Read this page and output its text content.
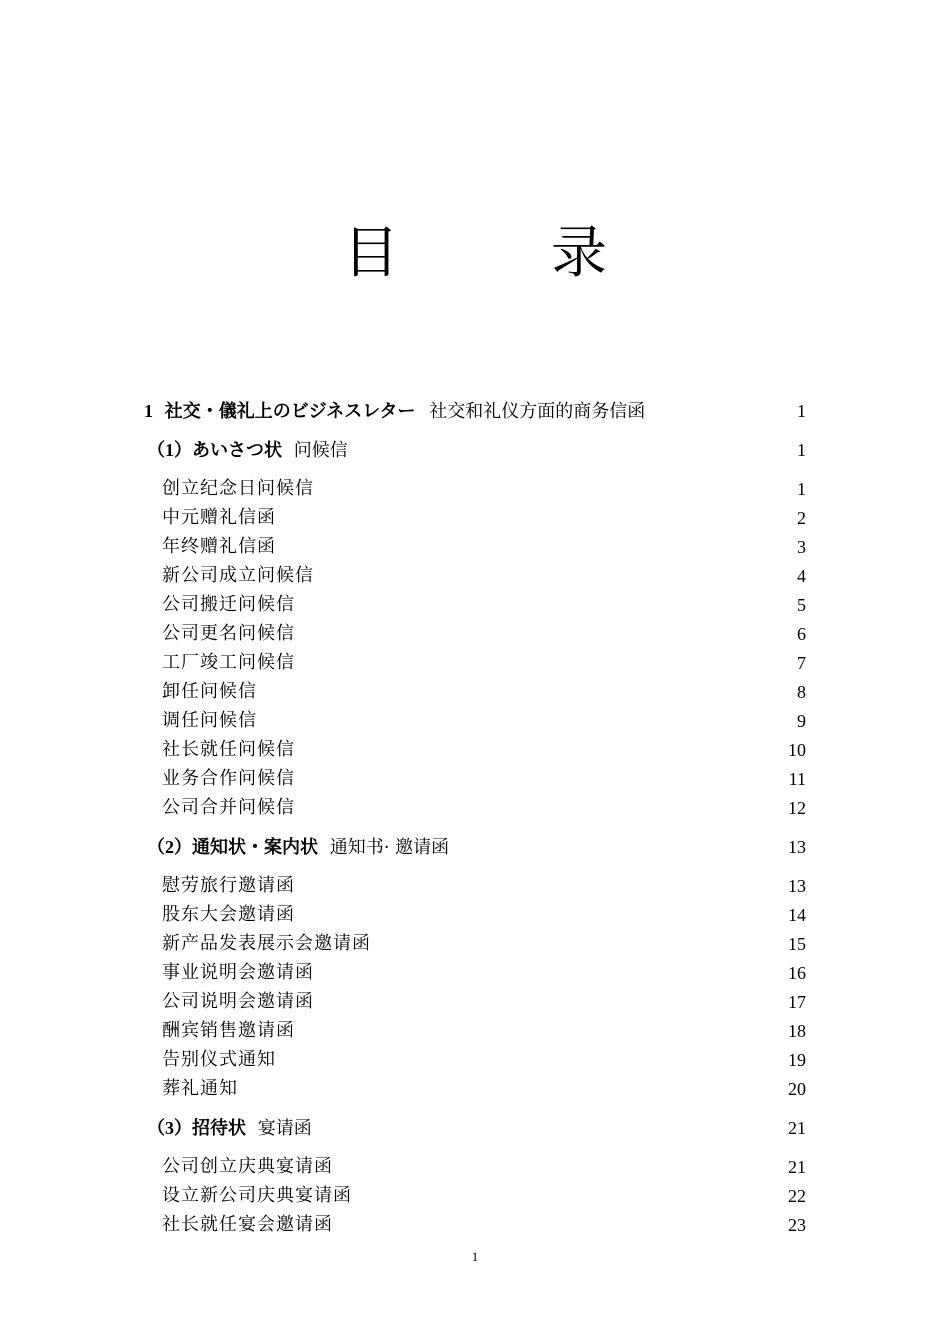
目　录
1 社交・儀礼上のビジネスレター 社交和礼仪方面的商务信函	1
（1）あいさつ状 问候信	1
创立纪念日问候信	1
中元赠礼信函	2
年终赠礼信函	3
新公司成立问候信	4
公司搬迁问候信	5
公司更名问候信	6
工厂竣工问候信	7
卸任问候信	8
调任问候信	9
社长就任问候信	10
业务合作问候信	11
公司合并问候信	12
（2）通知状・案内状 通知书· 邀请函	13
慰劳旅行邀请函	13
股东大会邀请函	14
新产品发表展示会邀请函	15
事业说明会邀请函	16
公司说明会邀请函	17
酬宾销售邀请函	18
告别仪式通知	19
葬礼通知	20
（3）招待状 宴请函	21
公司创立庆典宴请函	21
设立新公司庆典宴请函	22
社长就任宴会邀请函	23
1
